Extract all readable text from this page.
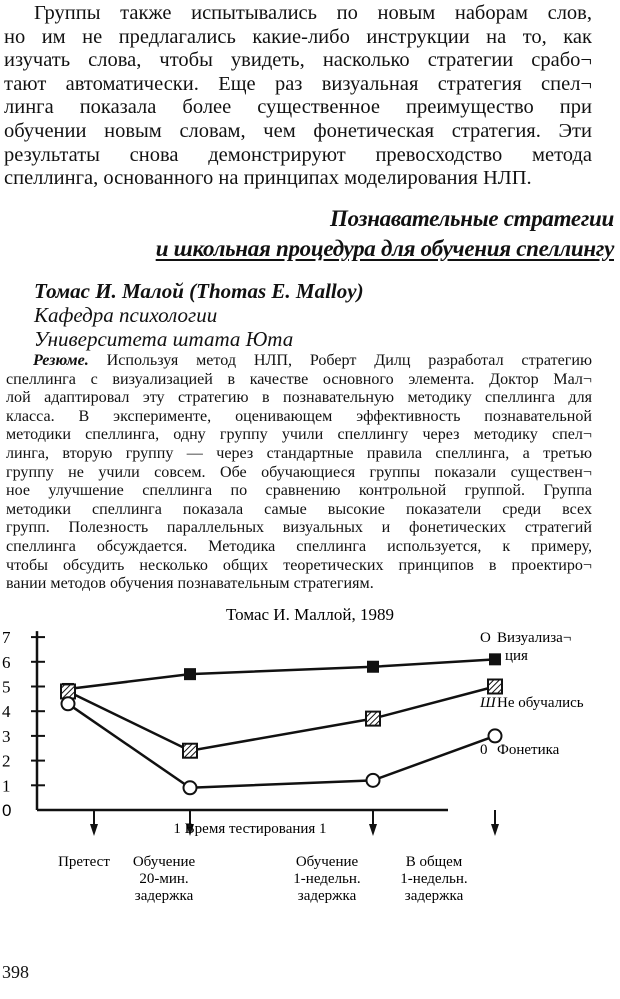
Группы также испытывались по новым наборам слов,
но им не предлагались какие-либо инструкции на то, как
изучать слова, чтобы увидеть, насколько стратегии срабо¬
тают автоматически. Еще раз визуальная стратегия спел¬
линга показала более существенное преимущество при
обучении новым словам, чем фонетическая стратегия. Эти
результаты снова демонстрируют превосходство метода
спеллинга, основанного на принципах моделирования НЛП.
Познавательные стратегии
и школьная процедура для обучения спеллингу
Томас И. Малой (Thomas E. Malloy)
Кафедра психологии
Университета штата Юта
Резюме. Используя метод НЛП, Роберт Дилц разработал стратегию
спеллинга с визуализацией в качестве основного элемента. Доктор Мал¬
лой адаптировал эту стратегию в познавательную методику спеллинга для
класса. В эксперименте, оценивающем эффективность познавательной
методики спеллинга, одну группу учили спеллингу через методику спел¬
линга, вторую группу — через стандартные правила спеллинга, а третью
группу не учили совсем. Обе обучающиеся группы показали существен¬
ное улучшение спеллинга по сравнению контрольной группой. Группа
методики спеллинга показала самые высокие показатели среди всех
групп. Полезность параллельных визуальных и фонетических стратегий
спеллинга обсуждается. Методика спеллинга используется, к примеру,
чтобы обсудить несколько общих теоретических принципов в проектиро¬
вании методов обучения познавательным стратегиям.
Томас И. Маллой, 1989
0
1
2
3
4
5
6
7	O Визуализа¬
ция
Ш Не обучались
0 Фонетика
1 Время тестирования 1
Претест Обучение
20-мин.
задержка
Обучение
1-недельн.
задержка
В общем
1-недельн.
задержка
398
